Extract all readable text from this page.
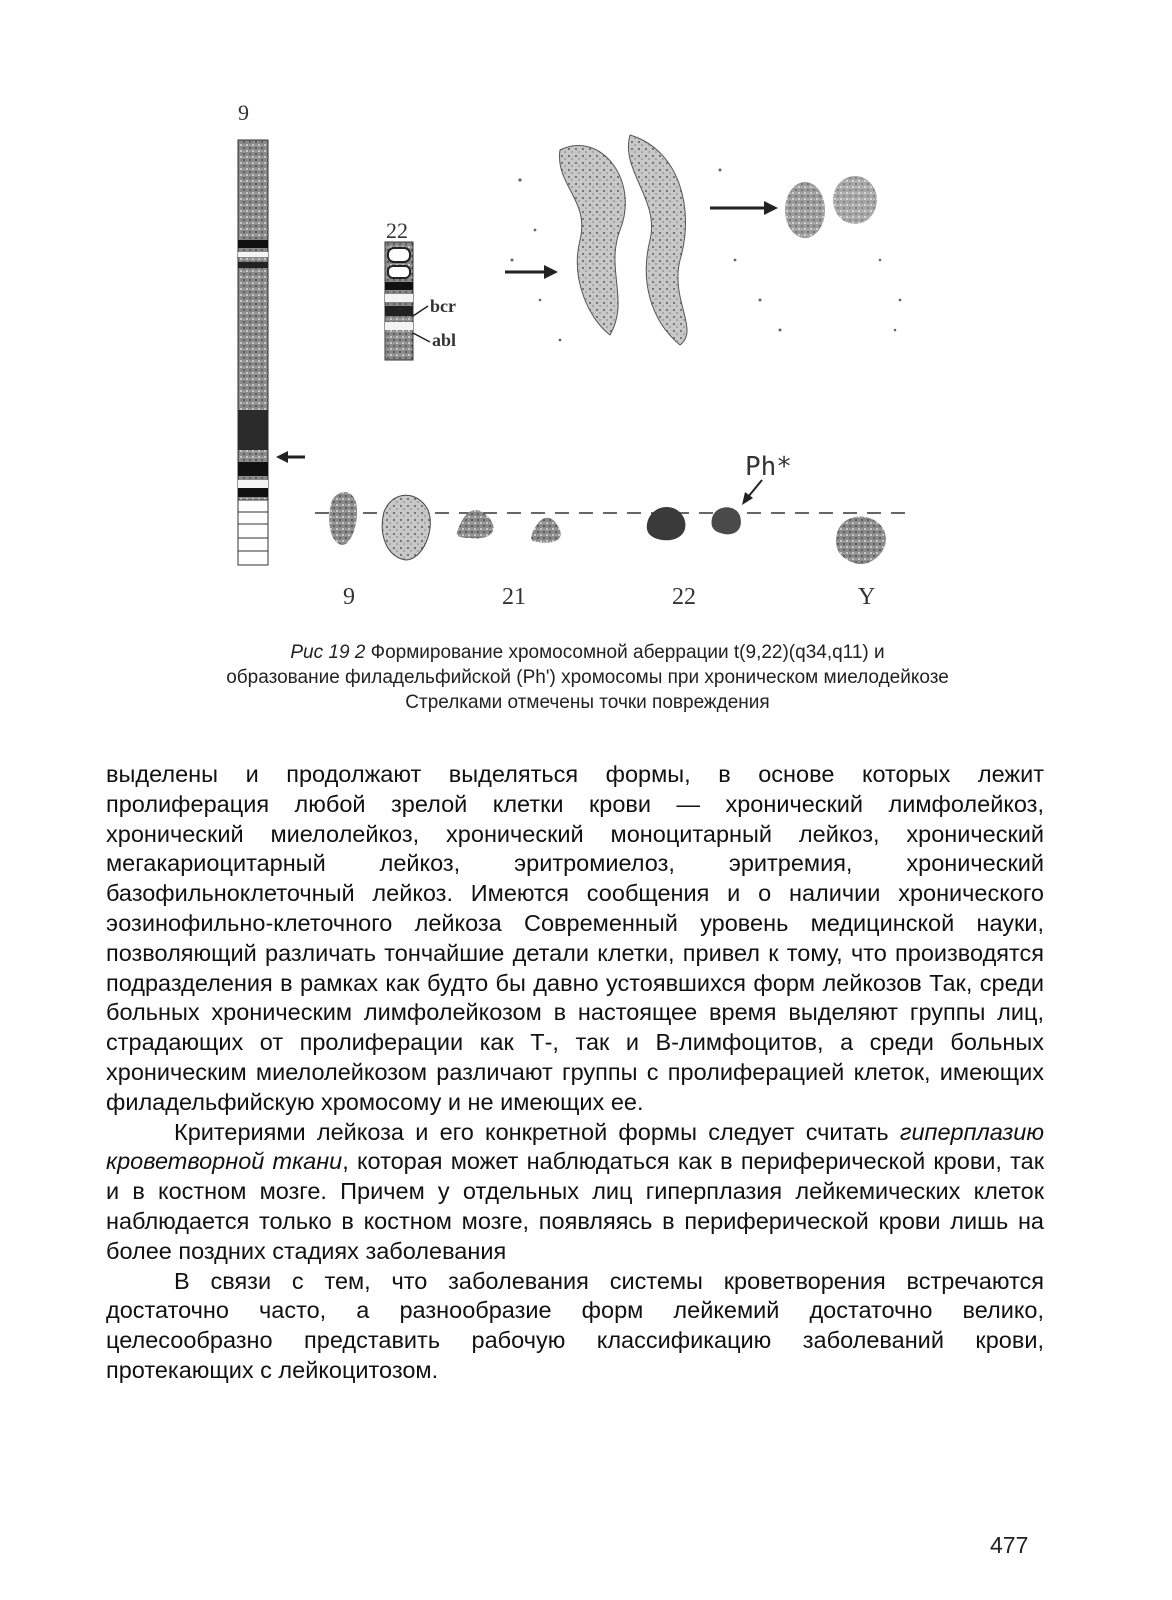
9
22
bcr
abl
Ph*
9	21	22	Y
Рис 19 2 Формирование хромосомной аберрации t(9,22)(q34,q11) и
образование филадельфийской (Ph') хромосомы при хроническом миелодейкозе
Стрелками отмечены точки повреждения

выделены и продолжают выделяться формы, в основе которых лежит пролиферация любой зрелой клетки крови — хронический лимфолейкоз, хронический миелолейкоз, хронический моноцитарный лейкоз, хронический мегакариоцитарный лейкоз, эритромиелоз, эритремия, хронический базофильноклеточный лейкоз. Имеются сообщения и о наличии хронического эозинофильно-клеточного лейкоза Современный уровень медицинской науки, позволяющий различать тончайшие детали клетки, привел к тому, что производятся подразделения в рамках как будто бы давно устоявшихся форм лейкозов Так, среди больных хроническим лимфолейкозом в настоящее время выделяют группы лиц, страдающих от пролиферации как Т-, так и В-лимфоцитов, а среди больных хроническим миелолейкозом различают группы с пролиферацией клеток, имеющих филадельфийскую хромосому и не имеющих ее.

Критериями лейкоза и его конкретной формы следует считать гиперплазию кроветворной ткани, которая может наблюдаться как в периферической крови, так и в костном мозге. Причем у отдельных лиц гиперплазия лейкемических клеток наблюдается только в костном мозге, появляясь в периферической крови лишь на более поздних стадиях заболевания

В связи с тем, что заболевания системы кроветворения встречаются достаточно часто, а разнообразие форм лейкемий достаточно велико, целесообразно представить рабочую классификацию заболеваний крови, протекающих с лейкоцитозом.

477
